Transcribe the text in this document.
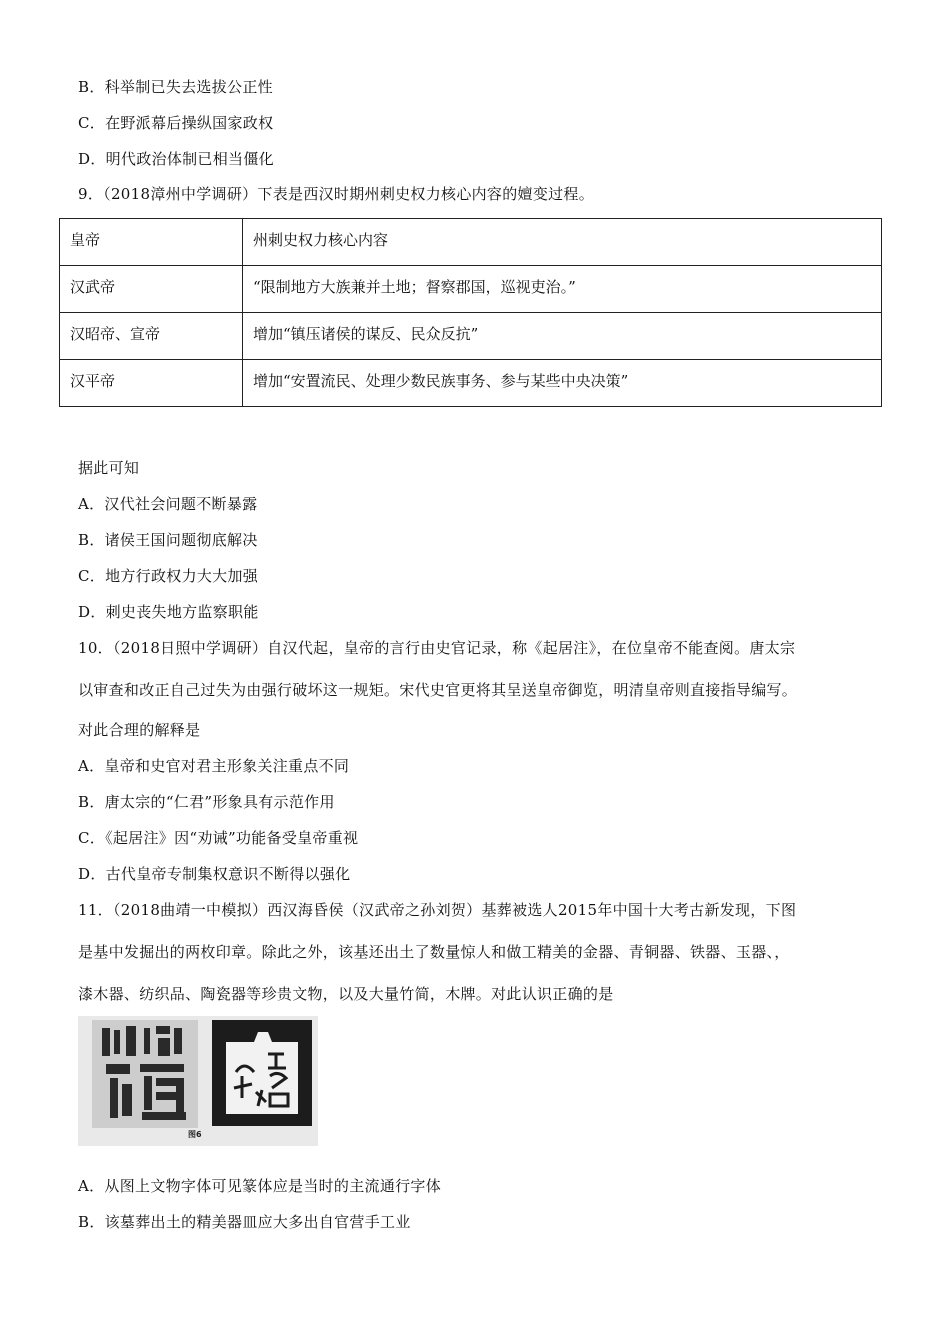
B．科举制已失去选拔公正性
C．在野派幕后操纵国家政权
D．明代政治体制已相当僵化
9．（2018漳州中学调研）下表是西汉时期州刺史权力核心内容的嬗变过程。
皇帝	州刺史权力核心内容
汉武帝	“限制地方大族兼并土地；督察郡国，巡视吏治。”
汉昭帝、宣帝	增加“镇压诸侯的谋反、民众反抗”
汉平帝	增加“安置流民、处理少数民族事务、参与某些中央决策”
据此可知
A．汉代社会问题不断暴露
B．诸侯王国问题彻底解决
C．地方行政权力大大加强
D．刺史丧失地方监察职能
10．（2018日照中学调研）自汉代起，皇帝的言行由史官记录，称《起居注》，在位皇帝不能查阅。唐太宗
以审查和改正自己过失为由强行破坏这一规矩。宋代史官更将其呈送皇帝御览，明清皇帝则直接指导编写。
对此合理的解释是
A．皇帝和史官对君主形象关注重点不同
B．唐太宗的“仁君”形象具有示范作用
C．《起居注》因“劝诫”功能备受皇帝重视
D．古代皇帝专制集权意识不断得以强化
11．（2018曲靖一中模拟）西汉海昏侯（汉武帝之孙刘贺）基葬被选人2015年中国十大考古新发现，下图
是基中发掘出的两枚印章。除此之外，该基还出土了数量惊人和做工精美的金器、青铜器、铁器、玉器、，
漆木器、纺织品、陶瓷器等珍贵文物，以及大量竹简，木牌。对此认识正确的是
图6
A．从图上文物字体可见篆体应是当时的主流通行字体
B．该墓葬出土的精美器皿应大多出自官营手工业
